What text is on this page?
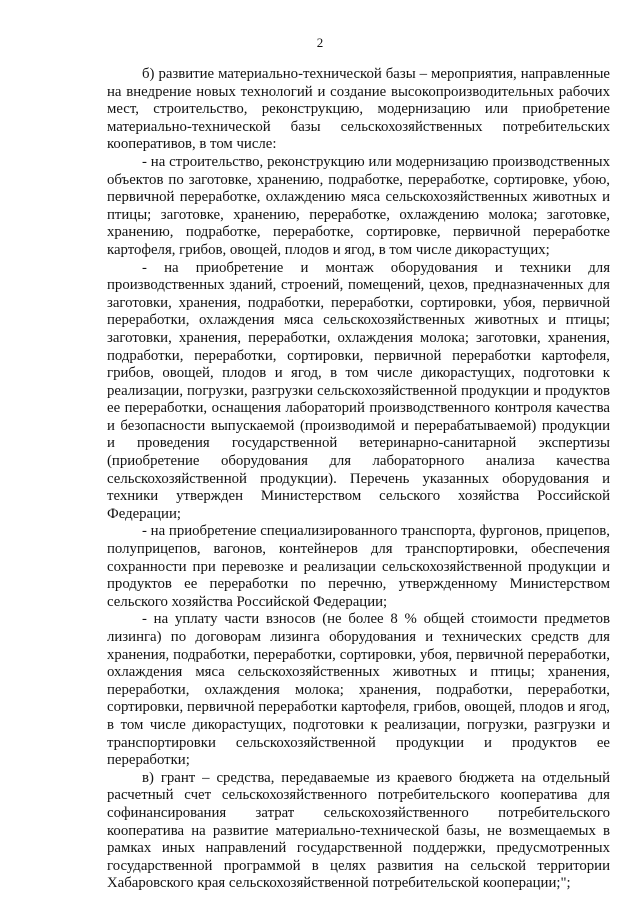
2

б) развитие материально-технической базы – мероприятия, направленные на внедрение новых технологий и создание высокопроизводительных рабочих мест, строительство, реконструкцию, модернизацию или приобретение материально-технической базы сельскохозяйственных потребительских кооперативов, в том числе:

- на строительство, реконструкцию или модернизацию производственных объектов по заготовке, хранению, подработке, переработке, сортировке, убою, первичной переработке, охлаждению мяса сельскохозяйственных животных и птицы; заготовке, хранению, переработке, охлаждению молока; заготовке, хранению, подработке, переработке, сортировке, первичной переработке картофеля, грибов, овощей, плодов и ягод, в том числе дикорастущих;

- на приобретение и монтаж оборудования и техники для производственных зданий, строений, помещений, цехов, предназначенных для заготовки, хранения, подработки, переработки, сортировки, убоя, первичной переработки, охлаждения мяса сельскохозяйственных животных и птицы; заготовки, хранения, переработки, охлаждения молока; заготовки, хранения, подработки, переработки, сортировки, первичной переработки картофеля, грибов, овощей, плодов и ягод, в том числе дикорастущих, подготовки к реализации, погрузки, разгрузки сельскохозяйственной продукции и продуктов ее переработки, оснащения лабораторий производственного контроля качества и безопасности выпускаемой (производимой и перерабатываемой) продукции и проведения государственной ветеринарно-санитарной экспертизы (приобретение оборудования для лабораторного анализа качества сельскохозяйственной продукции). Перечень указанных оборудования и техники утвержден Министерством сельского хозяйства Российской Федерации;

- на приобретение специализированного транспорта, фургонов, прицепов, полуприцепов, вагонов, контейнеров для транспортировки, обеспечения сохранности при перевозке и реализации сельскохозяйственной продукции и продуктов ее переработки по перечню, утвержденному Министерством сельского хозяйства Российской Федерации;

- на уплату части взносов (не более 8 % общей стоимости предметов лизинга) по договорам лизинга оборудования и технических средств для хранения, подработки, переработки, сортировки, убоя, первичной переработки, охлаждения мяса сельскохозяйственных животных и птицы; хранения, переработки, охлаждения молока; хранения, подработки, переработки, сортировки, первичной переработки картофеля, грибов, овощей, плодов и ягод, в том числе дикорастущих, подготовки к реализации, погрузки, разгрузки и транспортировки сельскохозяйственной продукции и продуктов ее переработки;

в) грант – средства, передаваемые из краевого бюджета на отдельный расчетный счет сельскохозяйственного потребительского кооператива для софинансирования затрат сельскохозяйственного потребительского кооператива на развитие материально-технической базы, не возмещаемых в рамках иных направлений государственной поддержки, предусмотренных государственной программой в целях развития на сельской территории Хабаровского края сельскохозяйственной потребительской кооперации;";
